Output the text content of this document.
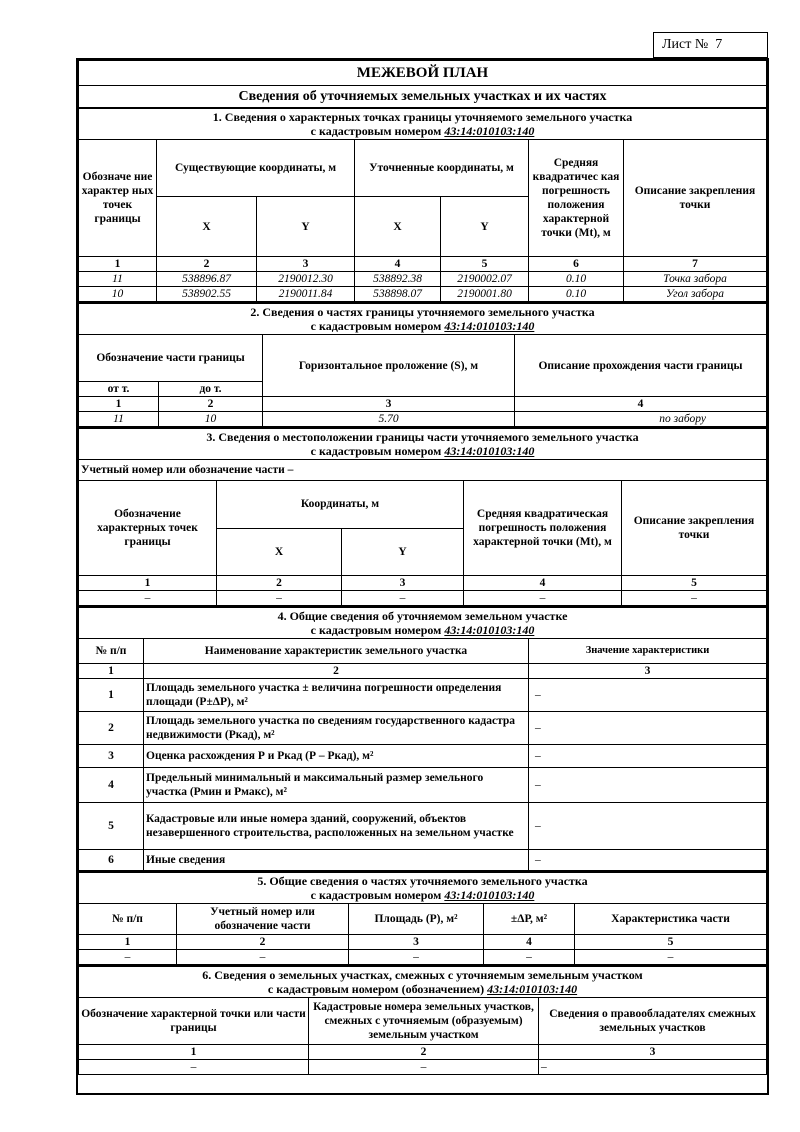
Лист № 7
МЕЖЕВОЙ ПЛАН
Сведения об уточняемых земельных участках и их частях
1. Сведения о характерных точках границы уточняемого земельного участка
с кадастровым номером 43:14:010103:140						
Обозначе ние характер ных точек границы	Существующие координаты, м		Уточненные координаты, м		Средняя квадратичес кая погрешность положения характерной точки (Mt), м	Описание закрепления точки
	X	Y	X	Y		
1	2	3	4	5	6	7
11	538896.87	2190012.30	538892.38	2190002.07	0.10	Точка забора
10	538902.55	2190011.84	538898.07	2190001.80	0.10	Угол забора
2. Сведения о частях границы уточняемого земельного участка
с кадастровым номером 43:14:010103:140			
Обозначение части границы		Горизонтальное проложение (S), м	Описание прохождения части границы
от т.	до т.		
1	2	3	4
11	10	5.70	по забору
3. Сведения о местоположении границы части уточняемого земельного участка
с кадастровым номером 43:14:010103:140				
Учетный номер или обозначение части –				
Обозначение характерных точек границы	Координаты, м		Средняя квадратическая погрешность положения характерной точки (Mt), м	Описание закрепления точки
	X	Y		
1	2	3	4	5
–	–	–	–	–
4. Общие сведения об уточняемом земельном участке
с кадастровым номером 43:14:010103:140		
№ п/п	Наименование характеристик земельного участка	Значение характеристики
1	2	3
1	Площадь земельного участка ± величина погрешности определения площади (Р±ΔР), м²	–
2	Площадь земельного участка по сведениям государственного кадастра недвижимости (Ркад), м²	–
3	Оценка расхождения Р и Ркад (Р – Ркад), м²	–
4	Предельный минимальный и максимальный размер земельного участка (Рмин и Рмакс), м²	–
5	Кадастровые или иные номера зданий, сооружений, объектов незавершенного строительства, расположенных на земельном участке	–
6	Иные сведения	–
5. Общие сведения о частях уточняемого земельного участка
с кадастровым номером 43:14:010103:140				
№ п/п	Учетный номер или обозначение части	Площадь (Р), м²	±ΔР, м²	Характеристика части
1	2	3	4	5
–	–	–	–	–
6. Сведения о земельных участках, смежных с уточняемым земельным участком
с кадастровым номером (обозначением) 43:14:010103:140		
Обозначение характерной точки или части границы	Кадастровые номера земельных участков, смежных с уточняемым (образуемым) земельным участком	Сведения о правообладателях смежных земельных участков
1	2	3
–	–	–
